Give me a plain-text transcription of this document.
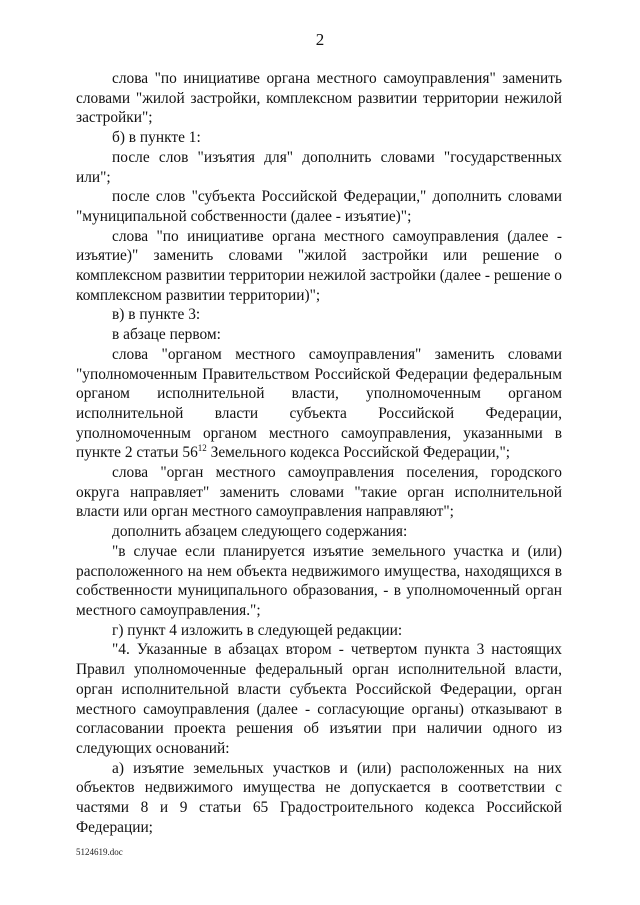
2

слова "по инициативе органа местного самоуправления" заменить словами "жилой застройки, комплексном развитии территории нежилой застройки";

б) в пункте 1:

после слов "изъятия для" дополнить словами "государственных или";

после слов "субъекта Российской Федерации," дополнить словами "муниципальной собственности (далее - изъятие)";

слова "по инициативе органа местного самоуправления (далее - изъятие)" заменить словами "жилой застройки или решение о комплексном развитии территории нежилой застройки (далее - решение о комплексном развитии территории)";

в) в пункте 3:

в абзаце первом:

слова "органом местного самоуправления" заменить словами "уполномоченным Правительством Российской Федерации федеральным органом исполнительной власти, уполномоченным органом исполнительной власти субъекта Российской Федерации, уполномоченным органом местного самоуправления, указанными в пункте 2 статьи $56^{12}$ Земельного кодекса Российской Федерации,";

слова "орган местного самоуправления поселения, городского округа направляет" заменить словами "такие орган исполнительной власти или орган местного самоуправления направляют";

дополнить абзацем следующего содержания:

"в случае если планируется изъятие земельного участка и (или) расположенного на нем объекта недвижимого имущества, находящихся в собственности муниципального образования, - в уполномоченный орган местного самоуправления.";

г) пункт 4 изложить в следующей редакции:

"4. Указанные в абзацах втором - четвертом пункта 3 настоящих Правил уполномоченные федеральный орган исполнительной власти, орган исполнительной власти субъекта Российской Федерации, орган местного самоуправления (далее - согласующие органы) отказывают в согласовании проекта решения об изъятии при наличии одного из следующих оснований:

а) изъятие земельных участков и (или) расположенных на них объектов недвижимого имущества не допускается в соответствии с частями 8 и 9 статьи 65 Градостроительного кодекса Российской Федерации;

5124619.doc
